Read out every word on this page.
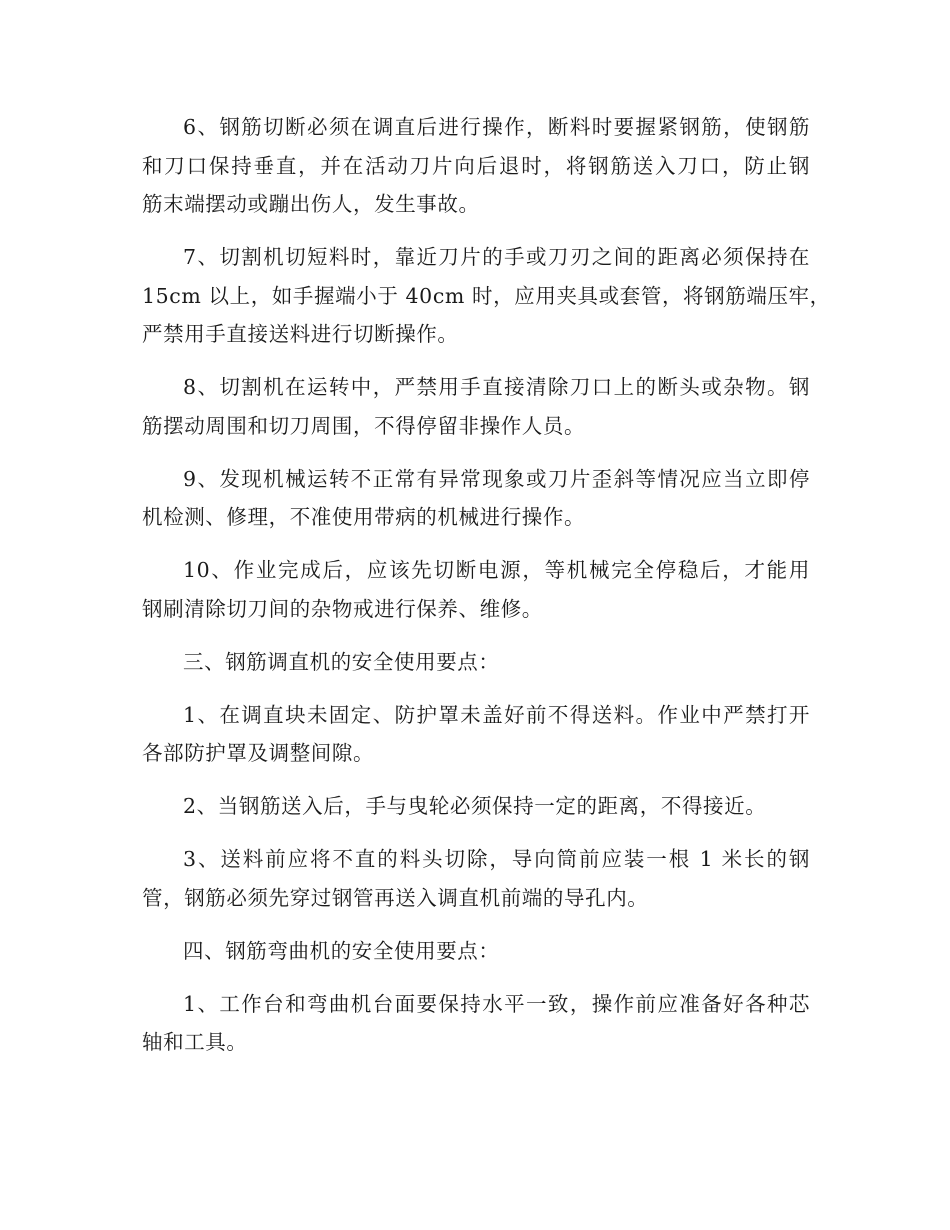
6、钢筋切断必须在调直后进行操作，断料时要握紧钢筋，使钢筋
和刀口保持垂直，并在活动刀片向后退时，将钢筋送入刀口，防止钢
筋末端摆动或蹦出伤人，发生事故。
7、切割机切短料时，靠近刀片的手或刀刃之间的距离必须保持在
15cm 以上，如手握端小于 40cm 时，应用夹具或套管，将钢筋端压牢，
严禁用手直接送料进行切断操作。
8、切割机在运转中，严禁用手直接清除刀口上的断头或杂物。钢
筋摆动周围和切刀周围，不得停留非操作人员。
9、发现机械运转不正常有异常现象或刀片歪斜等情况应当立即停
机检测、修理，不准使用带病的机械进行操作。
10、作业完成后，应该先切断电源，等机械完全停稳后，才能用
钢刷清除切刀间的杂物戒进行保养、维修。
三、钢筋调直机的安全使用要点：
1、在调直块未固定、防护罩未盖好前不得送料。作业中严禁打开
各部防护罩及调整间隙。
2、当钢筋送入后，手与曳轮必须保持一定的距离，不得接近。
3、送料前应将不直的料头切除，导向筒前应装一根 1 米长的钢
管，钢筋必须先穿过钢管再送入调直机前端的导孔内。
四、钢筋弯曲机的安全使用要点：
1、工作台和弯曲机台面要保持水平一致，操作前应准备好各种芯
轴和工具。
